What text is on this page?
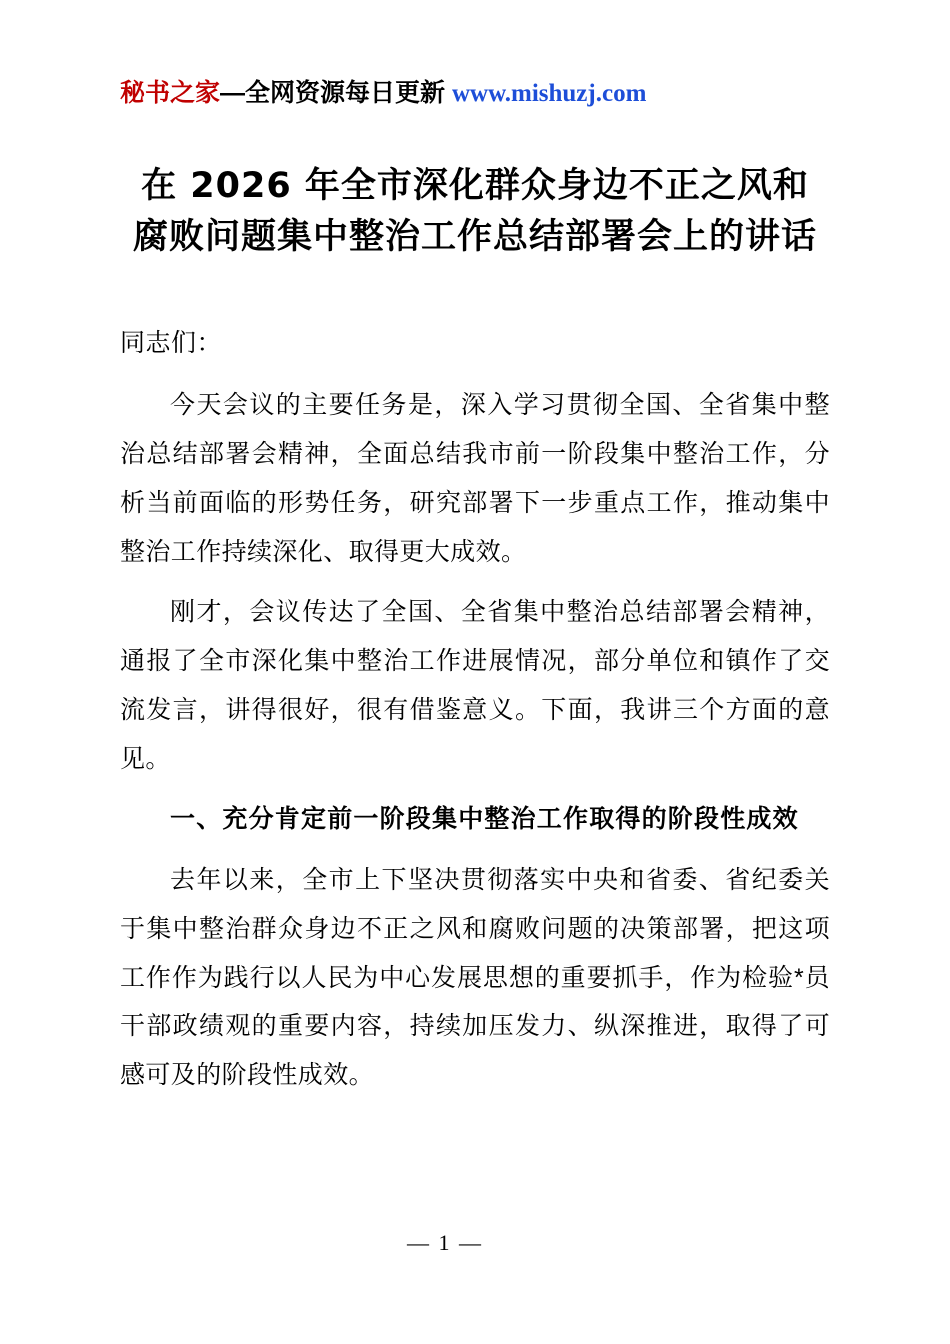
秘书之家—全网资源每日更新 www.mishuzj.com
在 2026 年全市深化群众身边不正之风和腐败问题集中整治工作总结部署会上的讲话

同志们：

今天会议的主要任务是，深入学习贯彻全国、全省集中整治总结部署会精神，全面总结我市前一阶段集中整治工作，分析当前面临的形势任务，研究部署下一步重点工作，推动集中整治工作持续深化、取得更大成效。

刚才，会议传达了全国、全省集中整治总结部署会精神，通报了全市深化集中整治工作进展情况，部分单位和镇作了交流发言，讲得很好，很有借鉴意义。下面，我讲三个方面的意见。

一、充分肯定前一阶段集中整治工作取得的阶段性成效

去年以来，全市上下坚决贯彻落实中央和省委、省纪委关于集中整治群众身边不正之风和腐败问题的决策部署，把这项工作作为践行以人民为中心发展思想的重要抓手，作为检验*员干部政绩观的重要内容，持续加压发力、纵深推进，取得了可感可及的阶段性成效。

— 1 —
